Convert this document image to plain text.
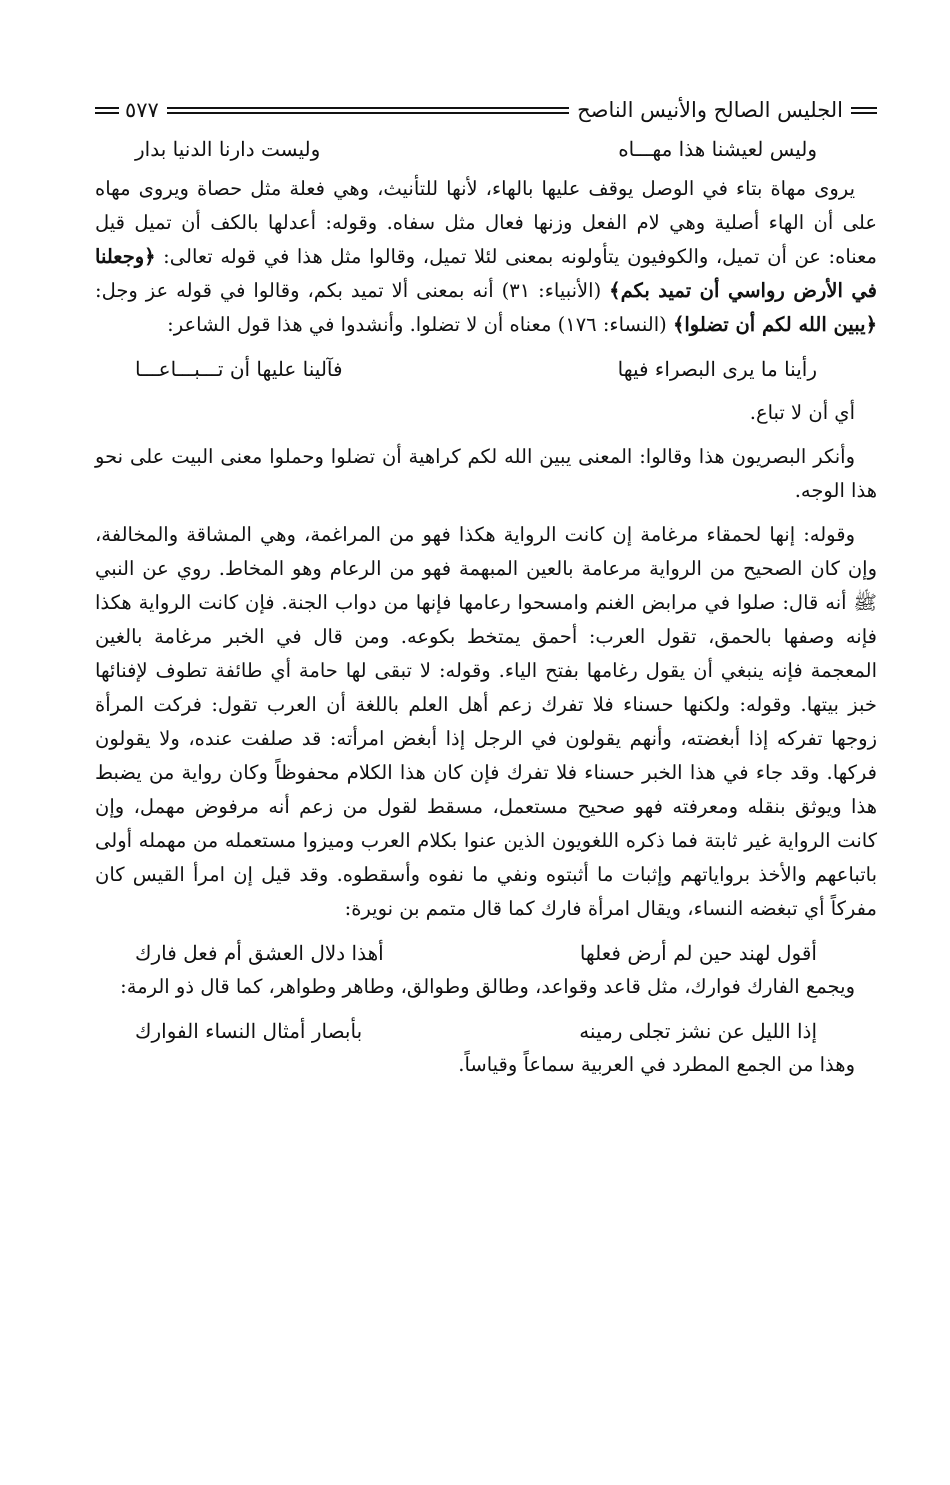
الجليس الصالح والأنيس الناصح
٥٧٧
وليس لعيشنا هذا مهـــاه
وليست دارنا الدنيا بدار

يروى مهاة بتاء في الوصل يوقف عليها بالهاء، لأنها للتأنيث، وهي فعلة مثل حصاة ويروى مهاه على أن الهاء أصلية وهي لام الفعل وزنها فعال مثل سفاه. وقوله: أعدلها بالكف أن تميل قيل معناه: عن أن تميل، والكوفيون يتأولونه بمعنى لئلا تميل، وقالوا مثل هذا في قوله تعالى: ﴿وجعلنا في الأرض رواسي أن تميد بكم﴾ (الأنبياء: ٣١) أنه بمعنى ألا تميد بكم، وقالوا في قوله عز وجل: ﴿يبين الله لكم أن تضلوا﴾ (النساء: ١٧٦) معناه أن لا تضلوا. وأنشدوا في هذا قول الشاعر:

رأينا ما يرى البصراء فيها
فآلينا عليها أن تـــبـــاعـــا

أي أن لا تباع.

وأنكر البصريون هذا وقالوا: المعنى يبين الله لكم كراهية أن تضلوا وحملوا معنى البيت على نحو هذا الوجه.

وقوله: إنها لحمقاء مرغامة إن كانت الرواية هكذا فهو من المراغمة، وهي المشاقة والمخالفة، وإن كان الصحيح من الرواية مرعامة بالعين المبهمة فهو من الرعام وهو المخاط. روي عن النبي ﷺ أنه قال: صلوا في مرابض الغنم وامسحوا رعامها فإنها من دواب الجنة. فإن كانت الرواية هكذا فإنه وصفها بالحمق، تقول العرب: أحمق يمتخط بكوعه. ومن قال في الخبر مرغامة بالغين المعجمة فإنه ينبغي أن يقول رغامها بفتح الياء. وقوله: لا تبقى لها حامة أي طائفة تطوف لإفنائها خبز بيتها. وقوله: ولكنها حسناء فلا تفرك زعم أهل العلم باللغة أن العرب تقول: فركت المرأة زوجها تفركه إذا أبغضته، وأنهم يقولون في الرجل إذا أبغض امرأته: قد صلفت عنده، ولا يقولون فركها. وقد جاء في هذا الخبر حسناء فلا تفرك فإن كان هذا الكلام محفوظاً وكان رواية من يضبط هذا ويوثق بنقله ومعرفته فهو صحيح مستعمل، مسقط لقول من زعم أنه مرفوض مهمل، وإن كانت الرواية غير ثابتة فما ذكره اللغويون الذين عنوا بكلام العرب وميزوا مستعمله من مهمله أولى باتباعهم والأخذ برواياتهم وإثبات ما أثبتوه ونفي ما نفوه وأسقطوه. وقد قيل إن امرأ القيس كان مفركاً أي تبغضه النساء، ويقال امرأة فارك كما قال متمم بن نويرة:

أقول لهند حين لم أرض فعلها
أهذا دلال العشق أم فعل فارك

ويجمع الفارك فوارك، مثل قاعد وقواعد، وطالق وطوالق، وطاهر وطواهر، كما قال ذو الرمة:

إذا الليل عن نشز تجلى رمينه
بأبصار أمثال النساء الفوارك

وهذا من الجمع المطرد في العربية سماعاً وقياساً.
